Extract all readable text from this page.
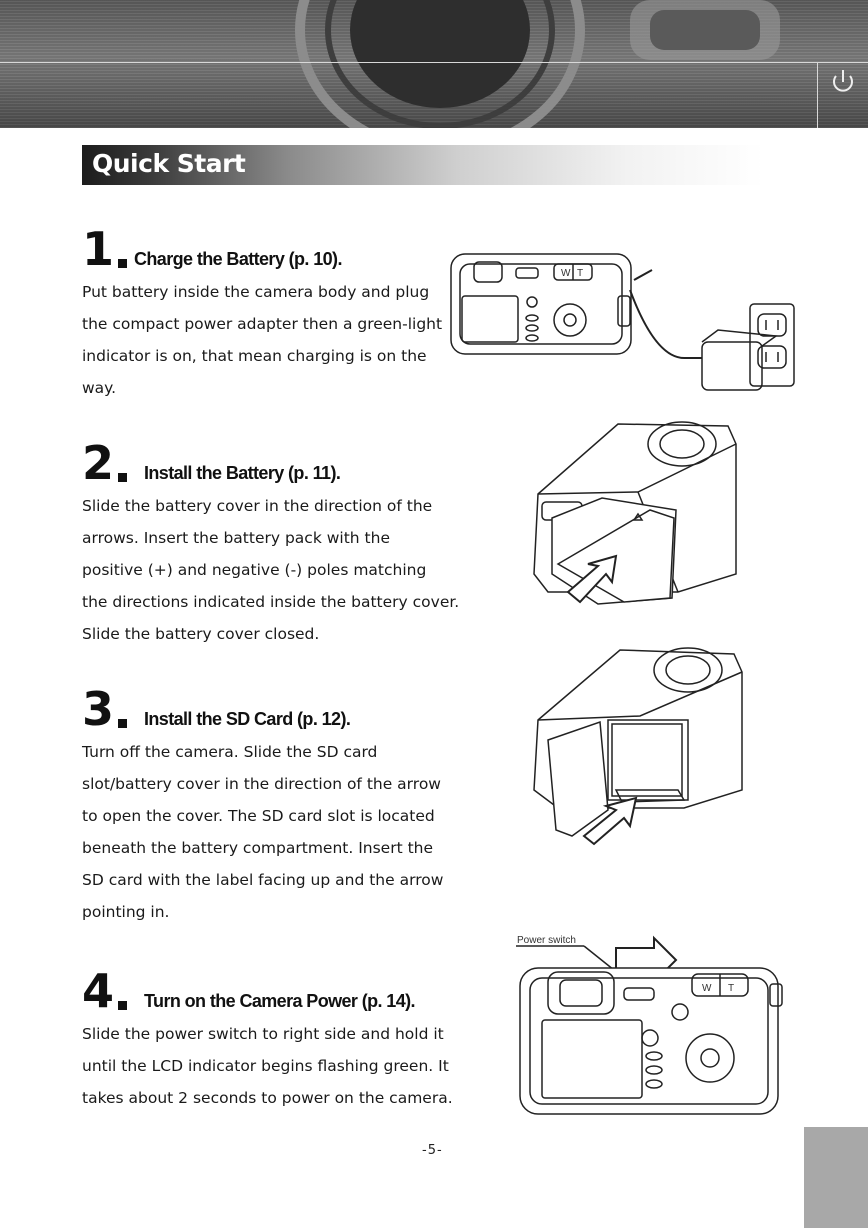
Quick Start
1 Charge the Battery (p. 10).
Put battery inside the camera body and plug
the compact power adapter then a green-light
indicator is on, that mean charging is on the
way.
2 Install the Battery (p. 11).
Slide the battery cover in the direction of the
arrows. Insert the battery pack with the
positive (+) and negative (-) poles matching
the directions indicated inside the battery cover.
Slide the battery cover closed.
3 Install the SD Card (p. 12).
Turn off the camera. Slide the SD card
slot/battery cover in the direction of the arrow
to open the cover. The SD card slot is located
beneath the battery compartment. Insert the
SD card with the label facing up and the arrow
pointing in.
4 Turn on the Camera Power (p. 14).
Slide the power switch to right side and hold it
until the LCD indicator begins flashing green. It
takes about 2 seconds to power on the camera.
W T
Power switch
W T
-5-
